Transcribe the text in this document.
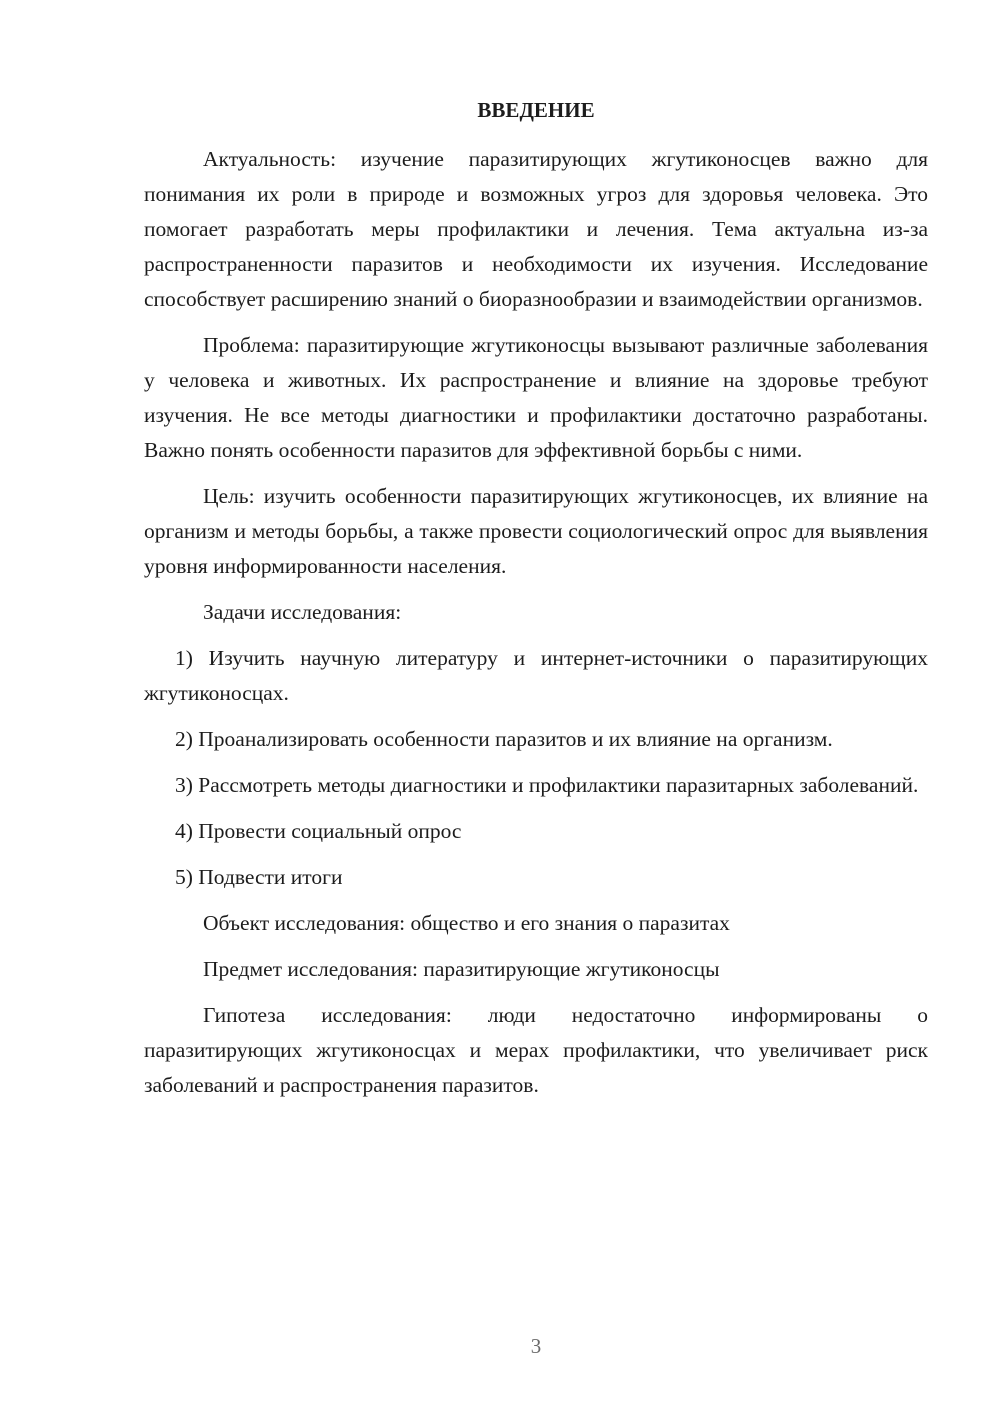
ВВЕДЕНИЕ

Актуальность: изучение паразитирующих жгутиконосцев важно для понимания их роли в природе и возможных угроз для здоровья человека. Это помогает разработать меры профилактики и лечения. Тема актуальна из-за распространенности паразитов и необходимости их изучения. Исследование способствует расширению знаний о биоразнообразии и взаимодействии организмов.

Проблема: паразитирующие жгутиконосцы вызывают различные заболевания у человека и животных. Их распространение и влияние на здоровье требуют изучения. Не все методы диагностики и профилактики достаточно разработаны. Важно понять особенности паразитов для эффективной борьбы с ними.

Цель: изучить особенности паразитирующих жгутиконосцев, их влияние на организм и методы борьбы, а также провести социологический опрос для выявления уровня информированности населения.

Задачи исследования:

1) Изучить научную литературу и интернет-источники о паразитирующих жгутиконосцах.

2) Проанализировать особенности паразитов и их влияние на организм.

3) Рассмотреть методы диагностики и профилактики паразитарных заболеваний.

4) Провести социальный опрос

5) Подвести итоги

Объект исследования: общество и его знания о паразитах

Предмет исследования: паразитирующие жгутиконосцы

Гипотеза исследования: люди недостаточно информированы о паразитирующих жгутиконосцах и мерах профилактики, что увеличивает риск заболеваний и распространения паразитов.

3
